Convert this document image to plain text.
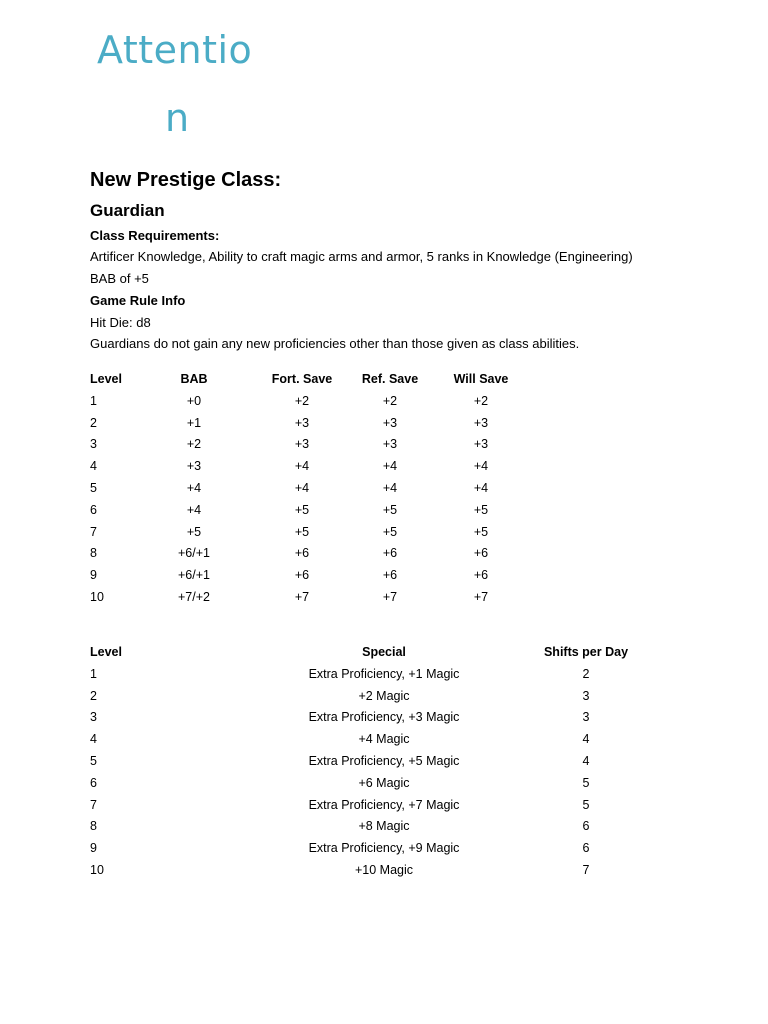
Attentio
n
New Prestige Class:
Guardian
Class Requirements:
Artificer Knowledge, Ability to craft magic arms and armor, 5 ranks in Knowledge (Engineering)
BAB of +5
Game Rule Info
Hit Die: d8
Guardians do not gain any new proficiencies other than those given as class abilities.
Level	BAB	Fort. Save Ref. Save	Will Save
1	+0	+2	+2	+2
2	+1	+3	+3	+3
3	+2	+3	+3	+3
4	+3	+4	+4	+4
5	+4	+4	+4	+4
6	+4	+5	+5	+5
7	+5	+5	+5	+5
8	+6/+1	+6	+6	+6
9	+6/+1	+6	+6	+6
10	+7/+2	+7	+7	+7
Level	Special	Shifts per Day
1	Extra Proficiency, +1 Magic	2
2	+2 Magic	3
3	Extra Proficiency, +3 Magic	3
4	+4 Magic	4
5	Extra Proficiency, +5 Magic	4
6	+6 Magic	5
7	Extra Proficiency, +7 Magic	5
8	+8 Magic	6
9	Extra Proficiency, +9 Magic	6
10	+10 Magic	7
